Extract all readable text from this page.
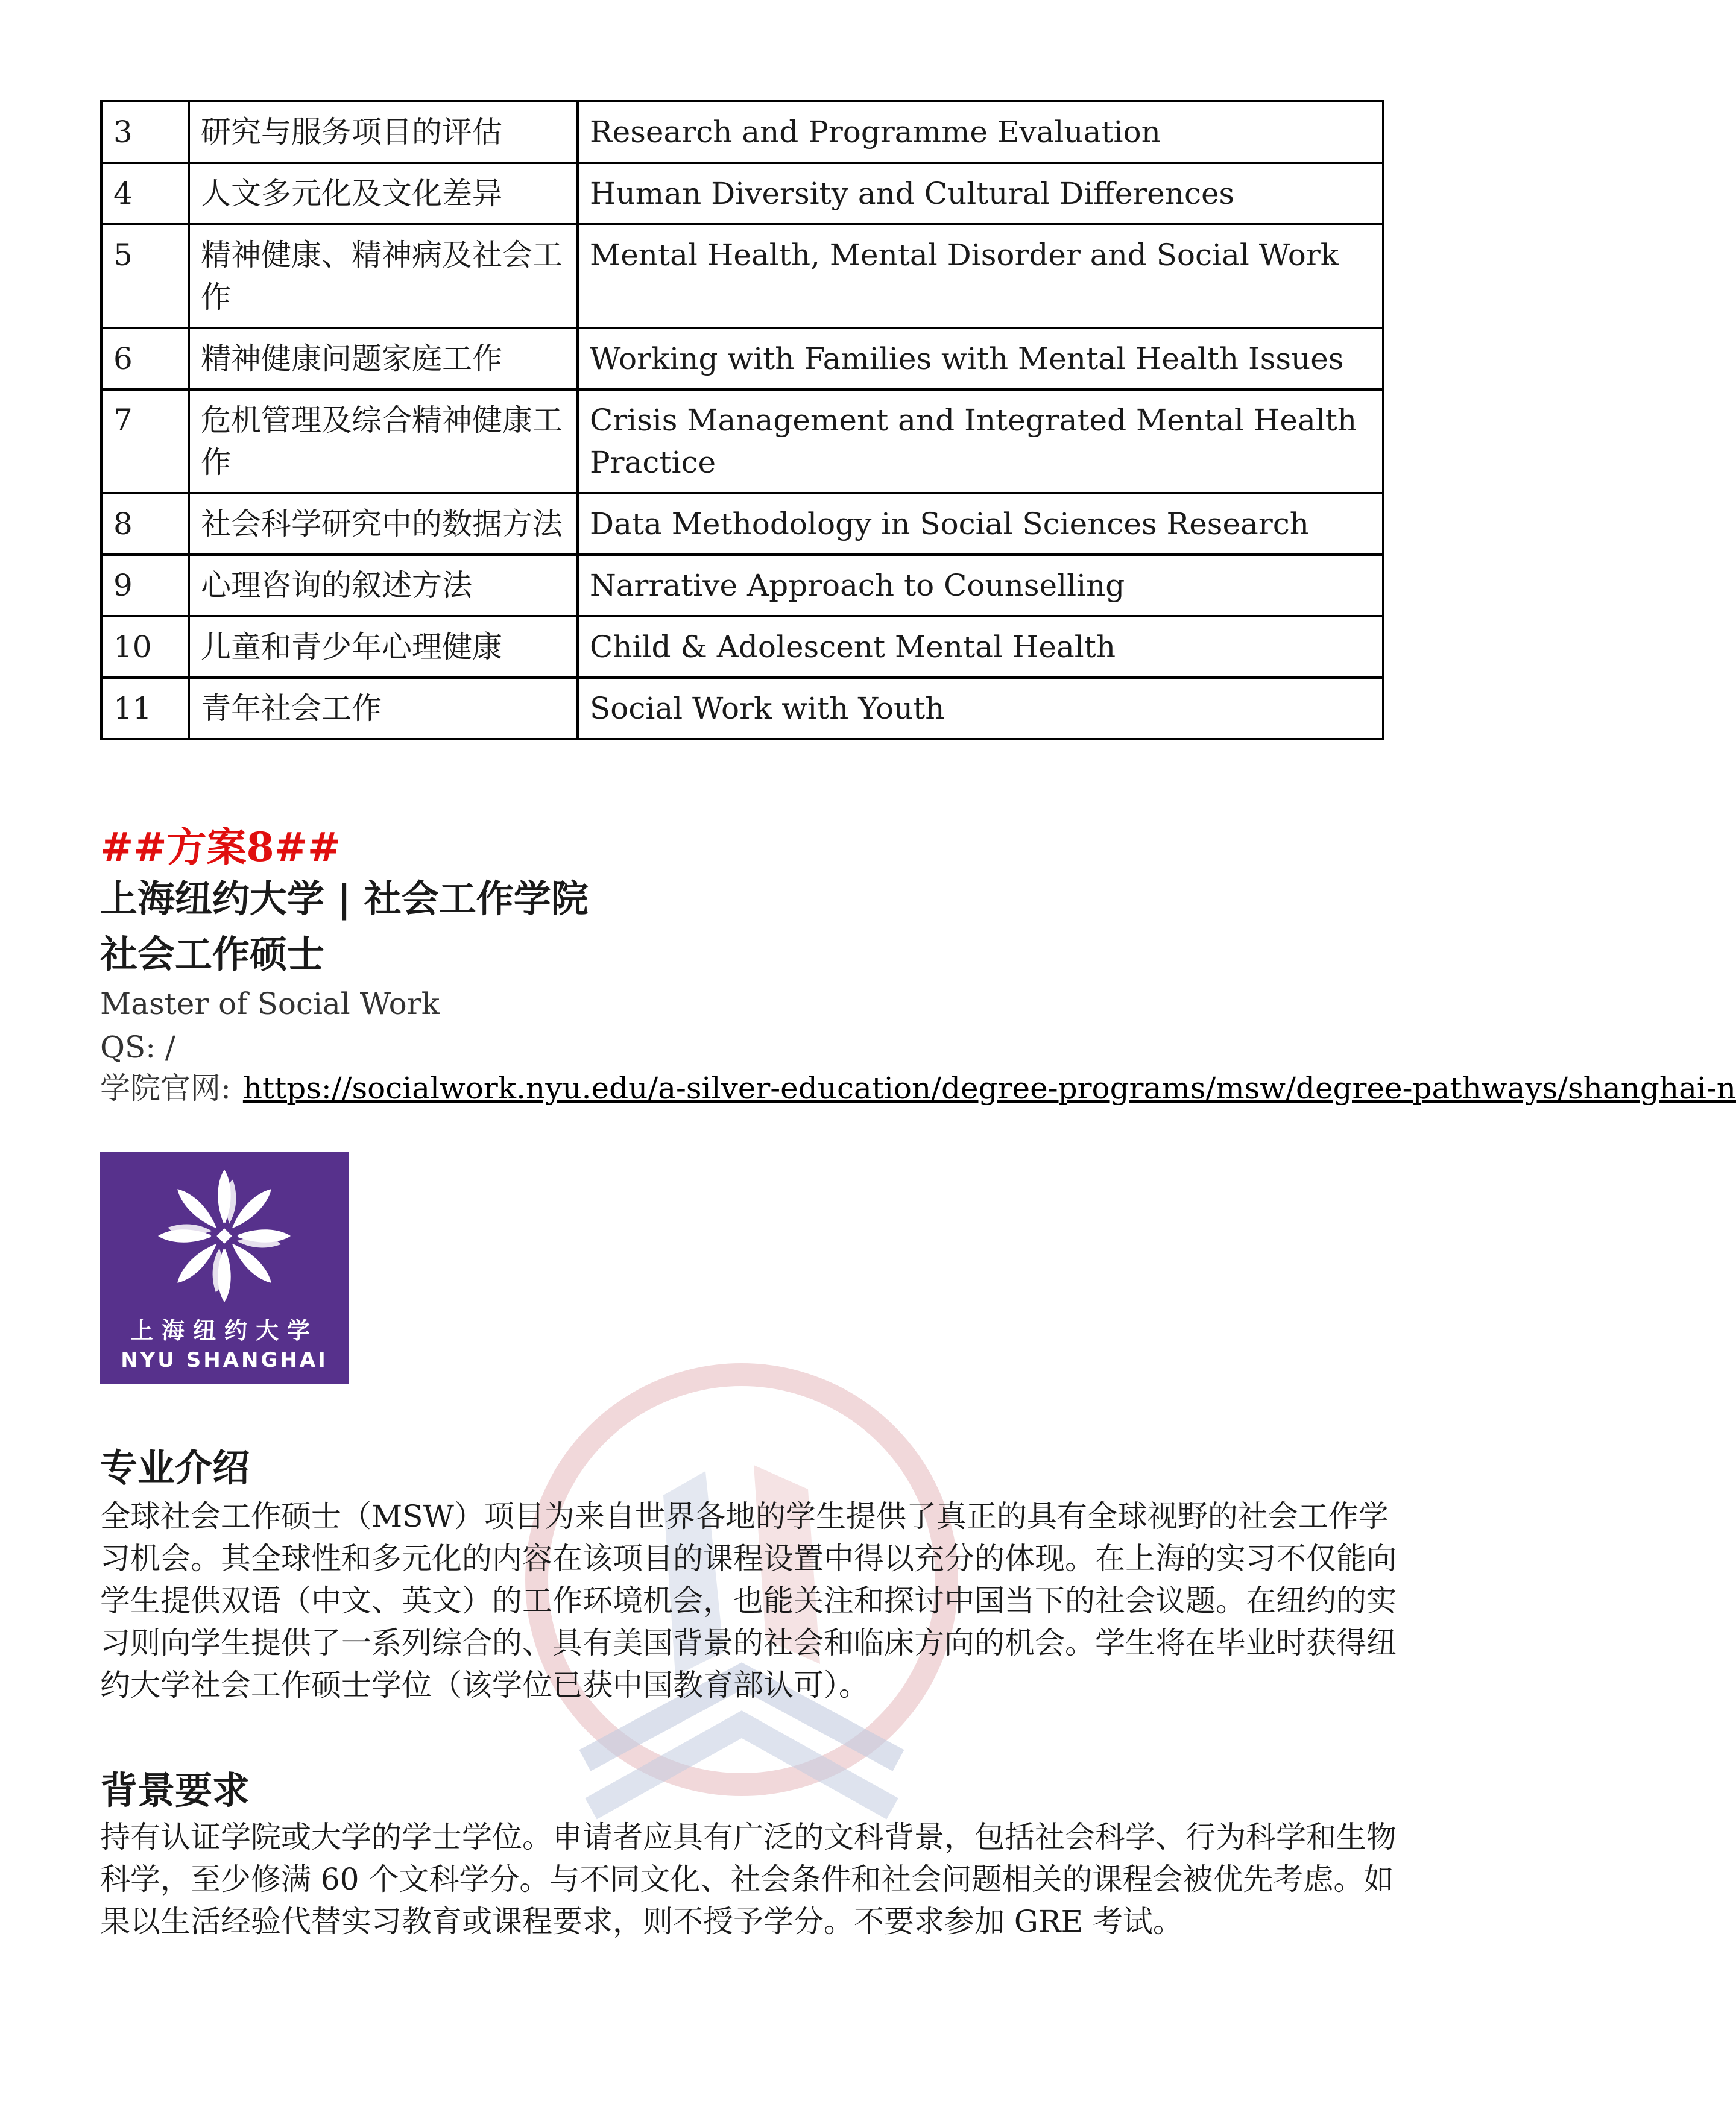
3	研究与服务项目的评估	Research and Programme Evaluation
4	人文多元化及文化差异	Human Diversity and Cultural Differences
5	精神健康、精神病及社会工作	Mental Health, Mental Disorder and Social Work
6	精神健康问题家庭工作	Working with Families with Mental Health Issues
7	危机管理及综合精神健康工作	Crisis Management and Integrated Mental Health Practice
8	社会科学研究中的数据方法	Data Methodology in Social Sciences Research
9	心理咨询的叙述方法	Narrative Approach to Counselling
10	儿童和青少年心理健康	Child & Adolescent Mental Health
11	青年社会工作	Social Work with Youth
##方案8##
上海纽约大学 | 社会工作学院
社会工作硕士
Master of Social Work
QS: /
学院官网: https://socialwork.nyu.edu/a-silver-education/degree-programs/msw/degree-pathways/shanghai-n
上海纽约大学
NYU SHANGHAI
专业介绍
全球社会工作硕士（MSW）项目为来自世界各地的学生提供了真正的具有全球视野的社会工作学习机会。其全球性和多元化的内容在该项目的课程设置中得以充分的体现。在上海的实习不仅能向学生提供双语（中文、英文）的工作环境机会，也能关注和探讨中国当下的社会议题。在纽约的实习则向学生提供了一系列综合的、具有美国背景的社会和临床方向的机会。学生将在毕业时获得纽约大学社会工作硕士学位（该学位已获中国教育部认可）。
背景要求
持有认证学院或大学的学士学位。申请者应具有广泛的文科背景，包括社会科学、行为科学和生物科学，至少修满 60 个文科学分。与不同文化、社会条件和社会问题相关的课程会被优先考虑。如果以生活经验代替实习教育或课程要求，则不授予学分。不要求参加 GRE 考试。
